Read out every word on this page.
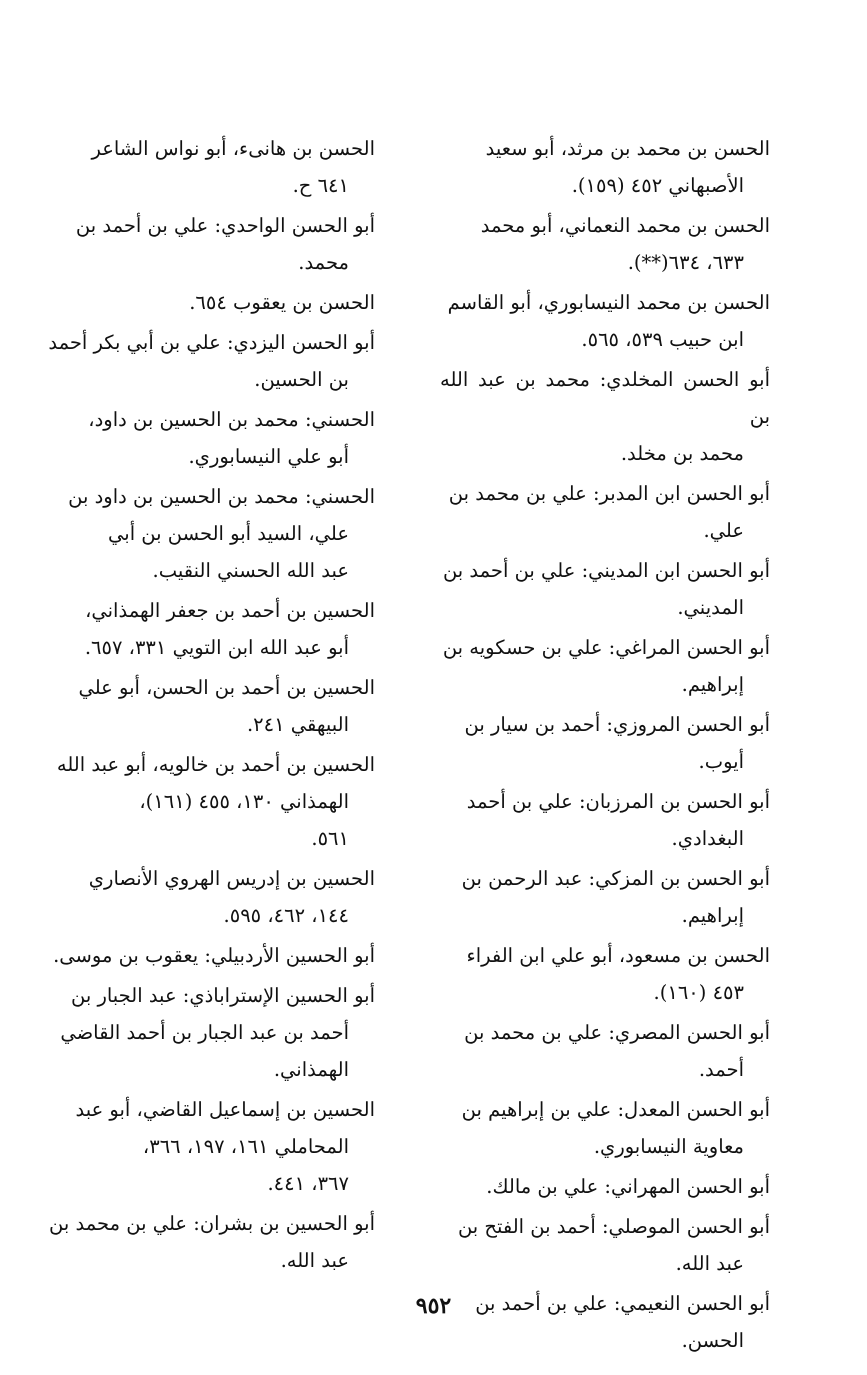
الحسن بن محمد بن مرثد، أبو سعيد
الأصبهاني ٤٥٢ (١٥٩).
الحسن بن محمد النعماني، أبو محمد
٦٣٣، ٦٣٤(**).
الحسن بن محمد النيسابوري، أبو القاسم
ابن حبيب ٥٣٩، ٥٦٥.
أبو الحسن المخلدي: محمد بن عبد الله بن
محمد بن مخلد.
أبو الحسن ابن المدبر: علي بن محمد بن
علي.
أبو الحسن ابن المديني: علي بن أحمد بن
المديني.
أبو الحسن المراغي: علي بن حسكويه بن
إبراهيم.
أبو الحسن المروزي: أحمد بن سيار بن
أيوب.
أبو الحسن بن المرزبان: علي بن أحمد
البغدادي.
أبو الحسن بن المزكي: عبد الرحمن بن
إبراهيم.
الحسن بن مسعود، أبو علي ابن الفراء
٤٥٣ (١٦٠).
أبو الحسن المصري: علي بن محمد بن
أحمد.
أبو الحسن المعدل: علي بن إبراهيم بن
معاوية النيسابوري.
أبو الحسن المهراني: علي بن مالك.
أبو الحسن الموصلي: أحمد بن الفتح بن
عبد الله.
أبو الحسن النعيمي: علي بن أحمد بن
الحسن.
الحسن بن هانىء، أبو نواس الشاعر
٦٤١ ح.
أبو الحسن الواحدي: علي بن أحمد بن
محمد.
الحسن بن يعقوب ٦٥٤.
أبو الحسن اليزدي: علي بن أبي بكر أحمد
بن الحسين.
الحسني: محمد بن الحسين بن داود،
أبو علي النيسابوري.
الحسني: محمد بن الحسين بن داود بن
علي، السيد أبو الحسن بن أبي
عبد الله الحسني النقيب.
الحسين بن أحمد بن جعفر الهمذاني،
أبو عبد الله ابن التويي ٣٣١، ٦٥٧.
الحسين بن أحمد بن الحسن، أبو علي
البيهقي ٢٤١.
الحسين بن أحمد بن خالويه، أبو عبد الله
الهمذاني ١٣٠، ٤٥٥ (١٦١)،
٥٦١.
الحسين بن إدريس الهروي الأنصاري
١٤٤، ٤٦٢، ٥٩٥.
أبو الحسين الأردبيلي: يعقوب بن موسى.
أبو الحسين الإستراباذي: عبد الجبار بن
أحمد بن عبد الجبار بن أحمد القاضي
الهمذاني.
الحسين بن إسماعيل القاضي، أبو عبد
المحاملي ١٦١، ١٩٧، ٣٦٦،
٣٦٧، ٤٤١.
أبو الحسين بن بشران: علي بن محمد بن
عبد الله.
٩٥٢
